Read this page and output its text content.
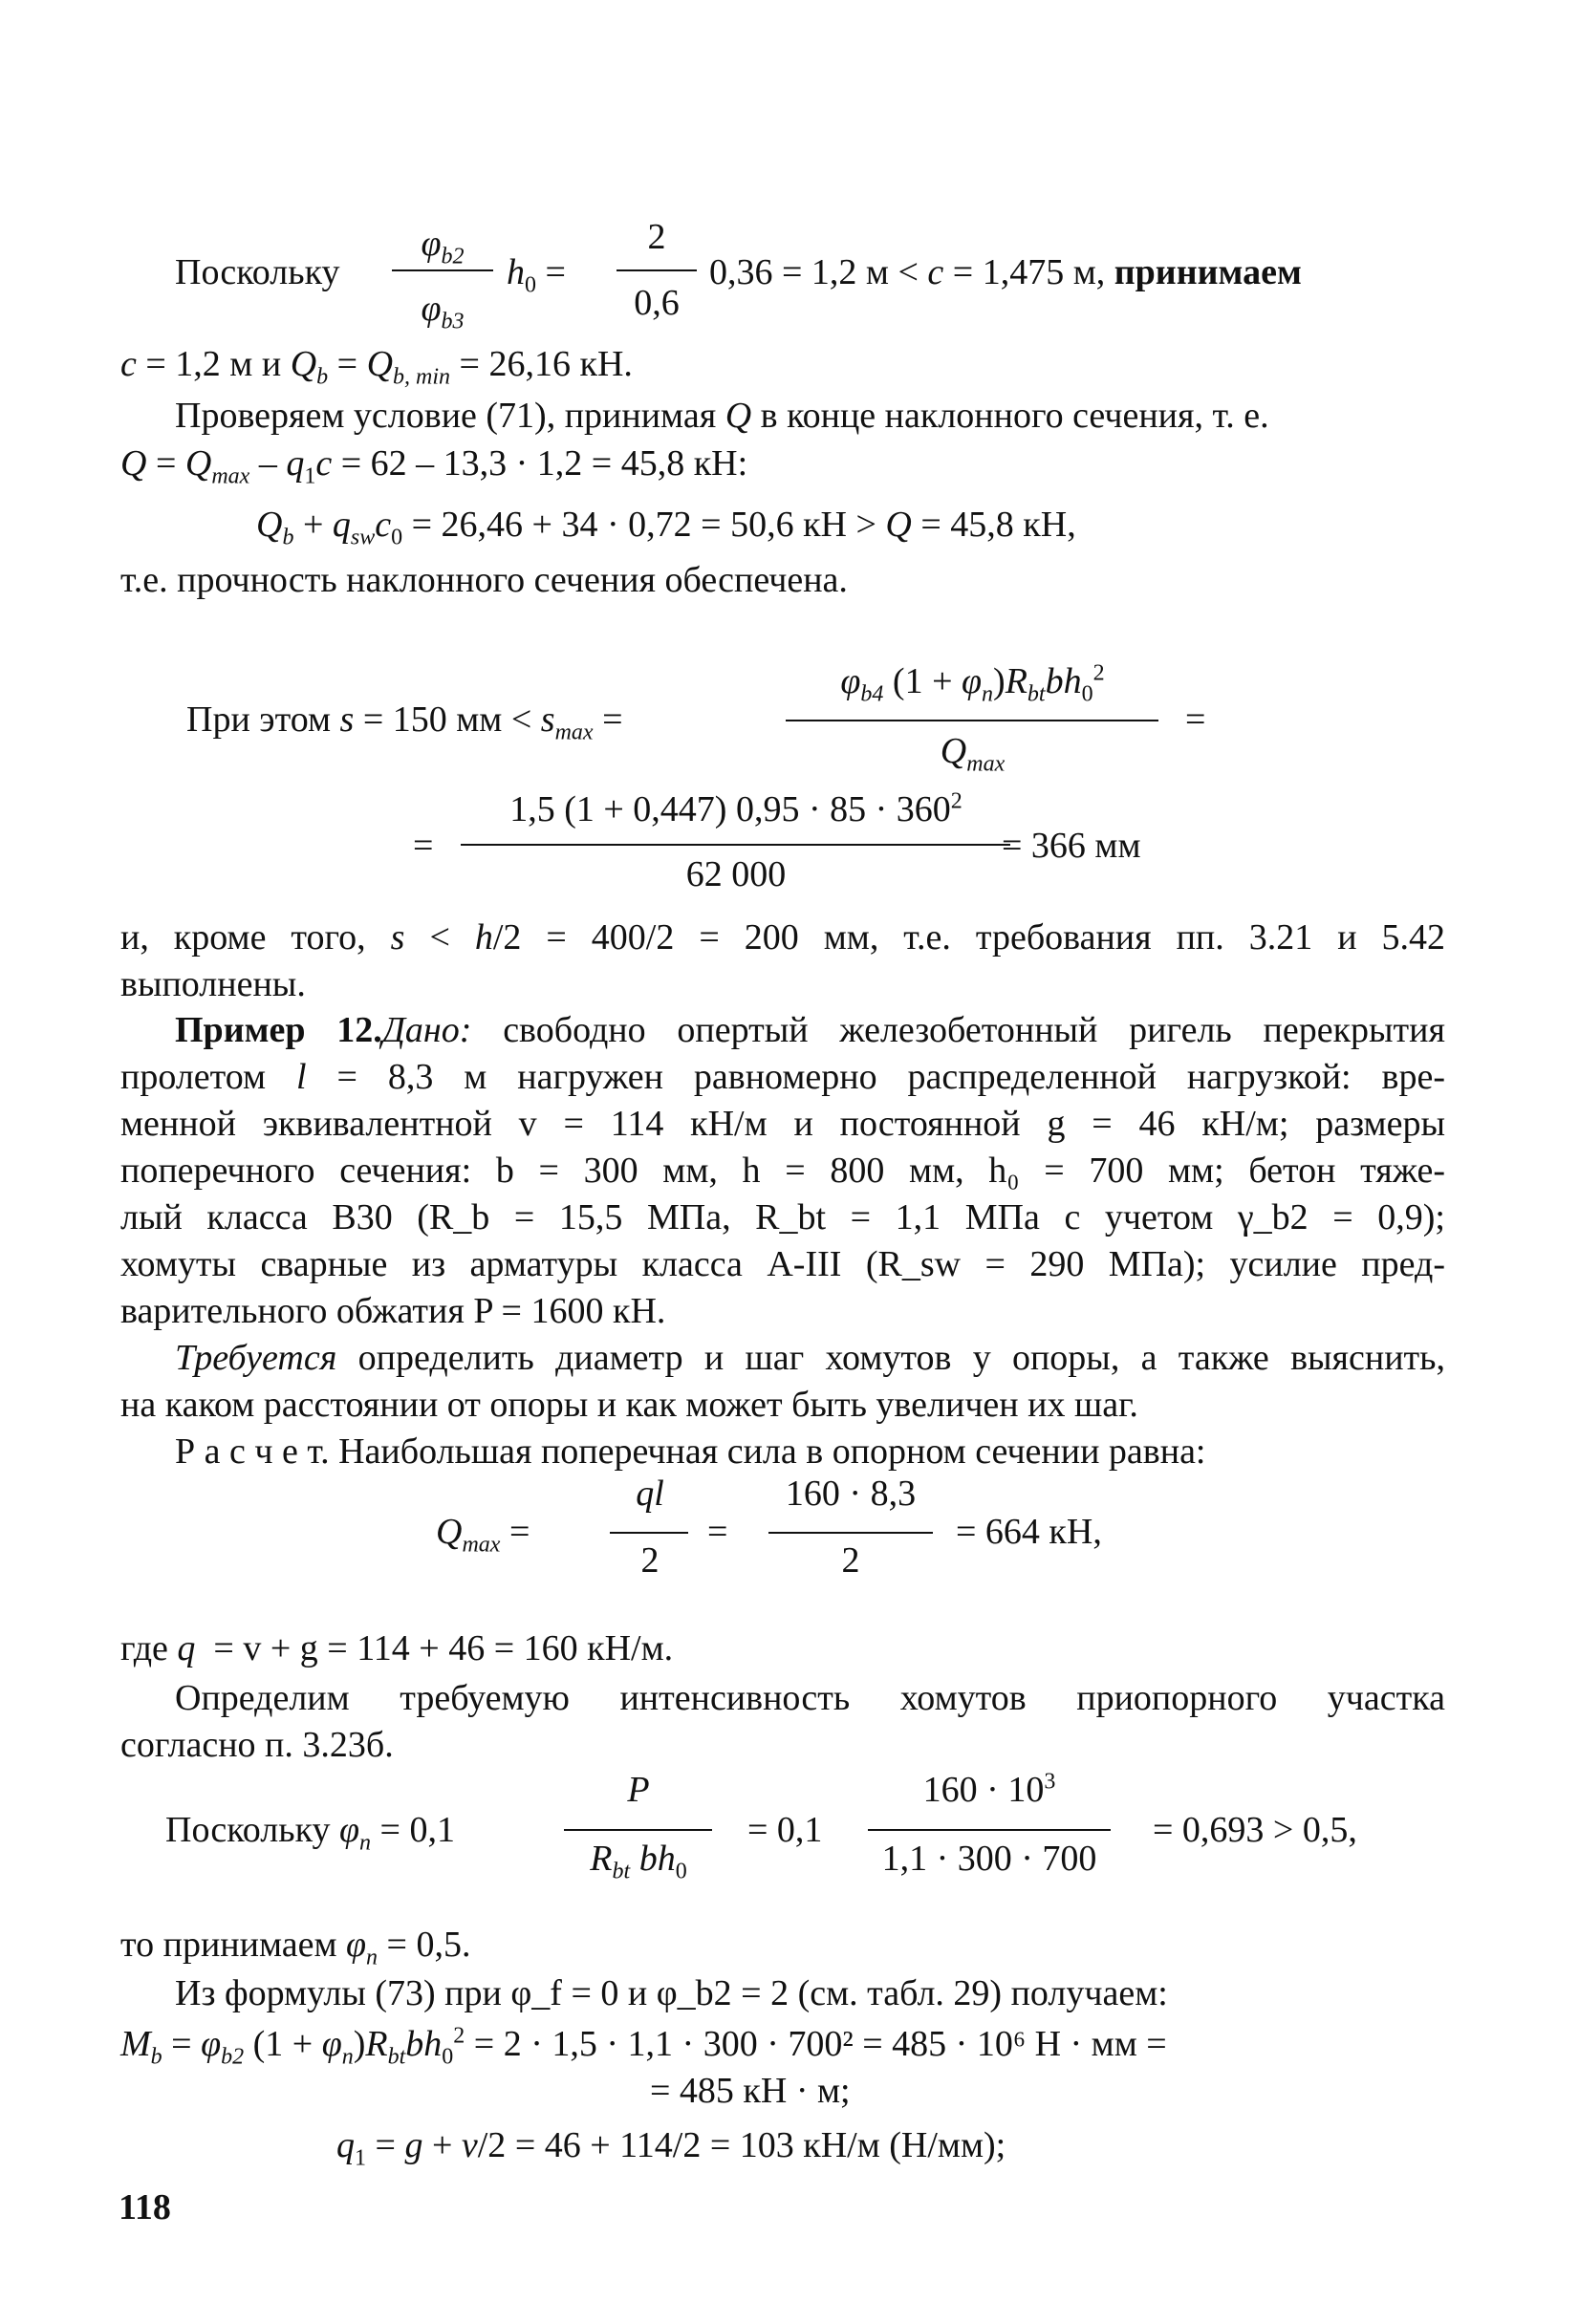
Поскольку
$\varphi_{b2}$
$\varphi_{b3}$
$h_0$ =
2
0,6
0,36 = 1,2 м < c = 1,475 м, принимаем
c = 1,2 м и $Q_b = Q_{b, min} = 26,16$ кН.
Проверяем условие (71), принимая Q в конце наклонного сечения, т. е.
$Q = Q_{max} - q_1c = 62 - 13,3 \cdot 1,2 = 45,8$ кН:
$Q_b + q_{sw}c_0 = 26,46 + 34 \cdot 0,72 = 50,6$ кН > Q = 45,8 кН,
т.е. прочность наклонного сечения обеспечена.
При этом s = 150 мм < $s_{max}$ =
$\varphi_{b4}$ $(1 + \varphi_n)R_{bt}bh_0^2$
$Q_{max}$
=
=
1,5 (1 + 0,447) $0,95 \cdot 85 \cdot 360^2$
62 000
= 366 мм
и, кроме того, s < h/2 = 400/2 = 200 мм, т.е. требования пп. 3.21 и 5.42
выполнены.
Пример 12.Дано: свободно опертый железобетонный ригель перекрытия
пролетом l = 8,3 м нагружен равномерно распределенной нагрузкой: вре-
менной эквивалентной v = 114 кН/м и постоянной g = 46 кН/м; размеры
поперечного сечения: b = 300 мм, h = 800 мм, h₀ = 700 мм; бетон тяже-
лый класса В30 (R_b = 15,5 МПа, R_bt = 1,1 МПа с учетом γ_b2 = 0,9);
хомуты сварные из арматуры класса А-III (R_sw = 290 МПа); усилие пред-
варительного обжатия P = 1600 кН.
Требуется определить диаметр и шаг хомутов у опоры, а также выяснить,
на каком расстоянии от опоры и как может быть увеличен их шаг.
Р а с ч е т. Наибольшая поперечная сила в опорном сечении равна:
$Q_{max}$ =
ql
2
=
160 · 8,3
2
= 664 кН,
где q = v + g = 114 + 46 = 160 кН/м.
Определим требуемую интенсивность хомутов приопорного участка
согласно п. 3.23б.
Поскольку $\varphi_n = 0,1$
P
$R_{bt}$ $bh_0$
= 0,1
$160 \cdot 10^3$
1,1 · 300 · 700
= 0,693 > 0,5,
то принимаем $\varphi_n = 0,5$.
Из формулы (73) при φ_f = 0 и φ_b2 = 2 (см. табл. 29) получаем:
$M_b = \varphi_{b2}$ $(1 + \varphi_n)R_{bt}bh_0^2 = 2 \cdot 1,5 \cdot 1,1 \cdot 300 \cdot 700^2 = 485 \cdot 10^6$ Н · мм =
= 485 кН · м;
$q_1 = g + v/2 = 46 + 114/2 = 103$ кН/м (Н/мм);
118
